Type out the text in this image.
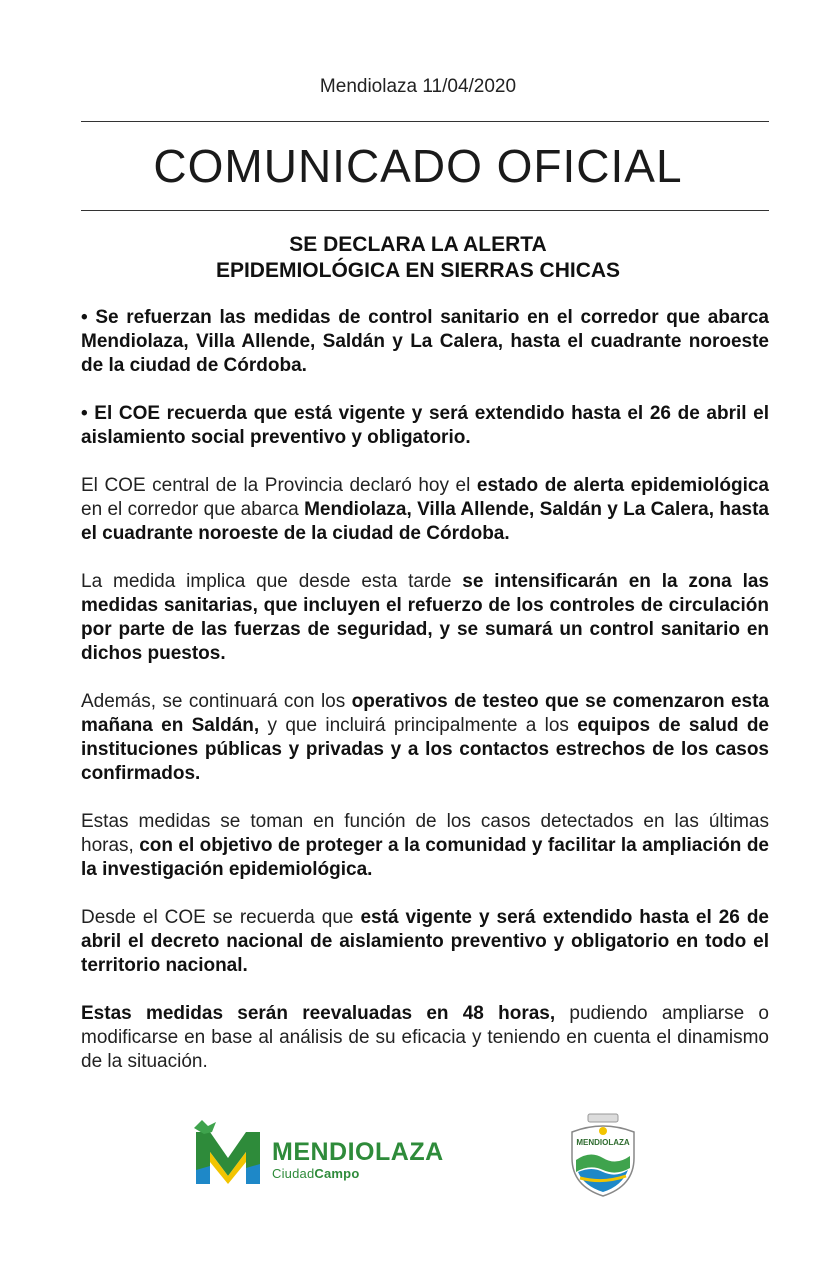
Mendiolaza 11/04/2020
COMUNICADO OFICIAL
SE DECLARA LA ALERTA
EPIDEMIOLÓGICA EN SIERRAS CHICAS

• Se refuerzan las medidas de control sanitario en el corredor que abarca Mendiolaza, Villa Allende, Saldán y La Calera, hasta el cuadrante noroeste de la ciudad de Córdoba.

• El COE recuerda que está vigente y será extendido hasta el 26 de abril el aislamiento social preventivo y obligatorio.

El COE central de la Provincia declaró hoy el estado de alerta epidemiológica en el corredor que abarca Mendiolaza, Villa Allende, Saldán y La Calera, hasta el cuadrante noroeste de la ciudad de Córdoba.

La medida implica que desde esta tarde se intensificarán en la zona las medidas sanitarias, que incluyen el refuerzo de los controles de circulación por parte de las fuerzas de seguridad, y se sumará un control sanitario en dichos puestos.

Además, se continuará con los operativos de testeo que se comenzaron esta mañana en Saldán, y que incluirá principalmente a los equipos de salud de instituciones públicas y privadas y a los contactos estrechos de los casos confirmados.

Estas medidas se toman en función de los casos detectados en las últimas horas, con el objetivo de proteger a la comunidad y facilitar la ampliación de la investigación epidemiológica.

Desde el COE se recuerda que está vigente y será extendido hasta el 26 de abril el decreto nacional de aislamiento preventivo y obligatorio en todo el territorio nacional.

Estas medidas serán reevaluadas en 48 horas, pudiendo ampliarse o modificarse en base al análisis de su eficacia y teniendo en cuenta el dinamismo de la situación.

MENDIOLAZA
CiudadCampo
MENDIOLAZA
